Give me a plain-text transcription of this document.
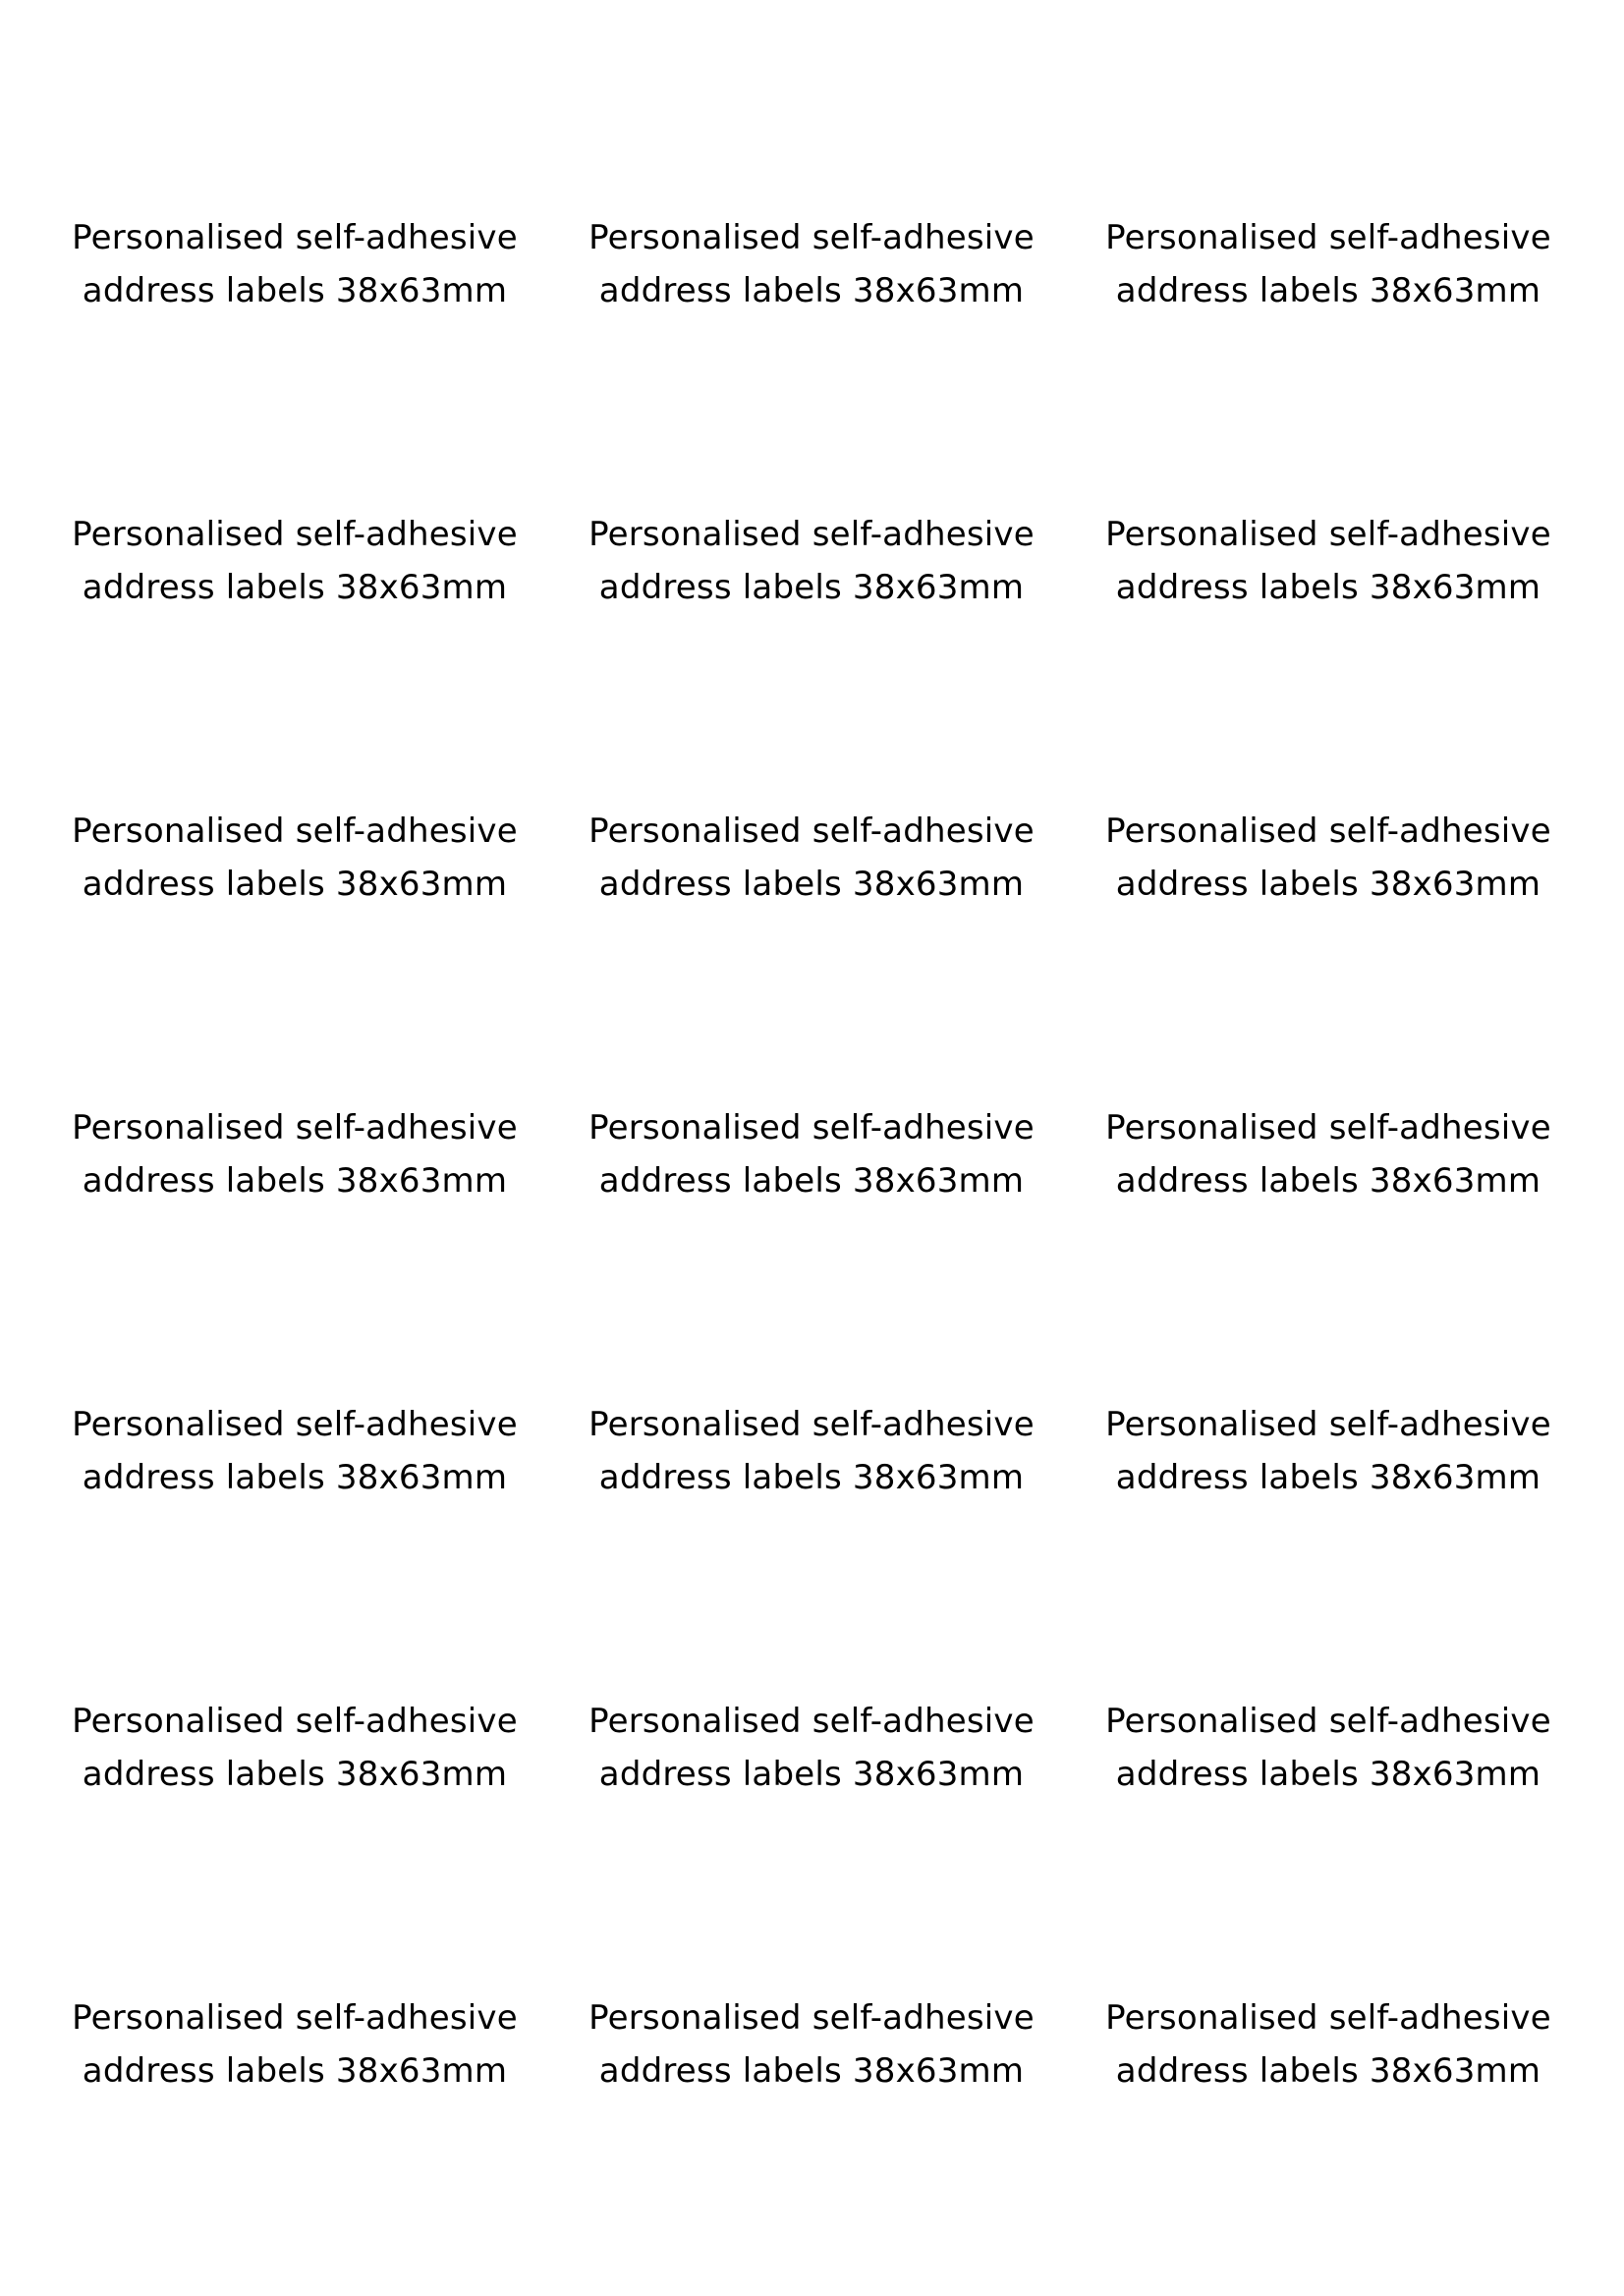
Personalised self-adhesive
address labels 38x63mm
Personalised self-adhesive
address labels 38x63mm
Personalised self-adhesive
address labels 38x63mm
Personalised self-adhesive
address labels 38x63mm
Personalised self-adhesive
address labels 38x63mm
Personalised self-adhesive
address labels 38x63mm
Personalised self-adhesive
address labels 38x63mm
Personalised self-adhesive
address labels 38x63mm
Personalised self-adhesive
address labels 38x63mm
Personalised self-adhesive
address labels 38x63mm
Personalised self-adhesive
address labels 38x63mm
Personalised self-adhesive
address labels 38x63mm
Personalised self-adhesive
address labels 38x63mm
Personalised self-adhesive
address labels 38x63mm
Personalised self-adhesive
address labels 38x63mm
Personalised self-adhesive
address labels 38x63mm
Personalised self-adhesive
address labels 38x63mm
Personalised self-adhesive
address labels 38x63mm
Personalised self-adhesive
address labels 38x63mm
Personalised self-adhesive
address labels 38x63mm
Personalised self-adhesive
address labels 38x63mm
